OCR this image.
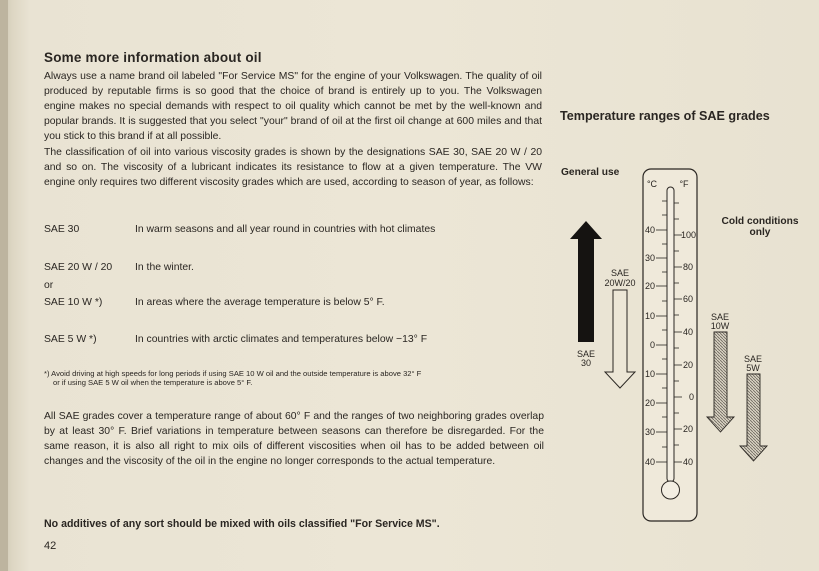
Some more information about oil

Always use a name brand oil labeled "For Service MS" for the engine of your Volkswagen. The quality of oil produced by reputable firms is so good that the choice of brand is entirely up to you. The Volkswagen engine makes no special demands with respect to oil quality which cannot be met by the well-known and popular brands. It is suggested that you select "your" brand of oil at the first oil change at 600 miles and that you stick to this brand if at all possible.

The classification of oil into various viscosity grades is shown by the designations SAE 30, SAE 20 W / 20 and so on. The viscosity of a lubricant indicates its resistance to flow at a given temperature. The VW engine only requires two different viscosity grades which are used, according to season of year, as follows:

SAE 30	In warm seasons and all year round in countries with hot climates
SAE 20 W / 20 In the winter.
or
SAE 10 W *)	In areas where the average temperature is below 5° F.
SAE 5 W *)	In countries with arctic climates and temperatures below −13° F

*) Avoid driving at high speeds for long periods if using SAE 10 W oil and the outside temperature is above 32° F

or if using SAE 5 W oil when the temperature is above 5° F.

All SAE grades cover a temperature range of about 60° F and the ranges of two neighboring grades overlap by at least 30° F. Brief variations in temperature between seasons can therefore be disregarded. For the same reason, it is also all right to mix oils of different viscosities when oil has to be added between oil changes and the viscosity of the oil in the engine no longer corresponds to the actual temperature.

No additives of any sort should be mixed with oils classified "For Service MS".
42
Temperature ranges of SAE grades
General use
Cold conditions
only
SAE
30
SAE
20W/20
°C °F
40
30
20
10
0
10
20
30
40
100
80
60
40
20
0
20
40
SAE
10W
SAE
5W
